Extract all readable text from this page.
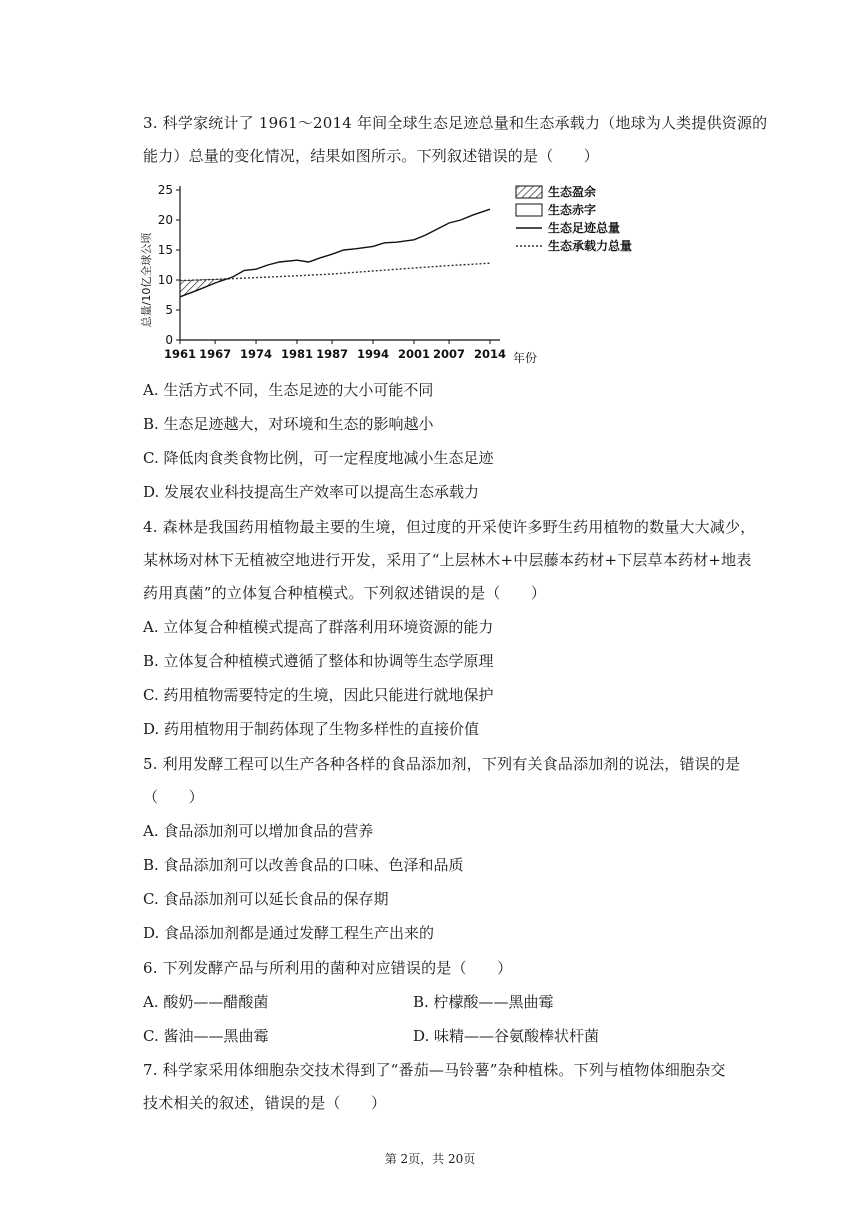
3. 科学家统计了 1961～2014 年间全球生态足迹总量和生态承载力（地球为人类提供资源的
能力）总量的变化情况，结果如图所示。下列叙述错误的是（　　）
0
5
10
15
20
25
1961 1967 1974 1981 1987 1994 2001 2007 2014
生态盈余
生态赤字
生态足迹总量
生态承载力总量
总量/10亿全球公顷
年份
A. 生活方式不同，生态足迹的大小可能不同
B. 生态足迹越大，对环境和生态的影响越小
C. 降低肉食类食物比例，可一定程度地减小生态足迹
D. 发展农业科技提高生产效率可以提高生态承载力
4. 森林是我国药用植物最主要的生境，但过度的开采使许多野生药用植物的数量大大减少，
某林场对林下无植被空地进行开发，采用了“上层林木+中层藤本药材+下层草本药材+地表
药用真菌”的立体复合种植模式。下列叙述错误的是（　　）
A. 立体复合种植模式提高了群落利用环境资源的能力
B. 立体复合种植模式遵循了整体和协调等生态学原理
C. 药用植物需要特定的生境，因此只能进行就地保护
D. 药用植物用于制药体现了生物多样性的直接价值
5. 利用发酵工程可以生产各种各样的食品添加剂，下列有关食品添加剂的说法，错误的是
（　　）
A. 食品添加剂可以增加食品的营养
B. 食品添加剂可以改善食品的口味、色泽和品质
C. 食品添加剂可以延长食品的保存期
D. 食品添加剂都是通过发酵工程生产出来的
6. 下列发酵产品与所利用的菌种对应错误的是（　　）
A. 酸奶——醋酸菌	B. 柠檬酸——黑曲霉
C. 酱油——黑曲霉	D. 味精——谷氨酸棒状杆菌
7. 科学家采用体细胞杂交技术得到了“番茄—马铃薯”杂种植株。下列与植物体细胞杂交
技术相关的叙述，错误的是（　　）
第 2页，共 20页
